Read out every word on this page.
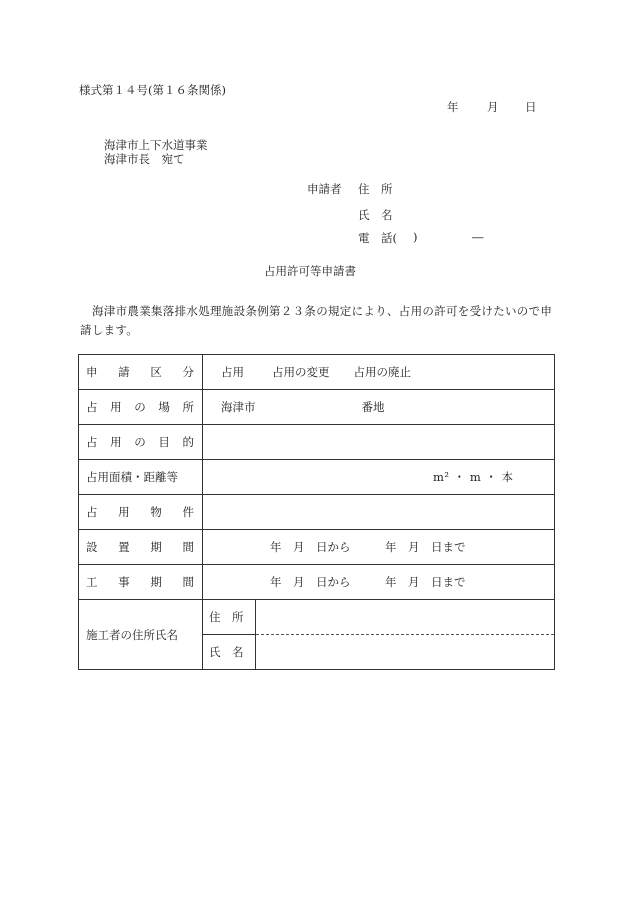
様式第１４号(第１６条関係)
年 月 日
海津市上下水道事業
海津市長　宛て
申請者 住　所
氏　名
電　話( )	―
占用許可等申請書
海津市農業集落排水処理施設条例第２３条の規定により、占用の許可を受けたいので申請します。
申 請 区 分	占用 占用の変更 占用の廃止	

占 用 の 場 所	海津市 番地	

占 用 の 目 的		

占用面積・距離等	m² ・ m ・ 本	

占 用 物 件		

設 置 期 間	年　月　日から　　　年　月　日まで	

工 事 期 間	年　月　日から　　　年　月　日まで	
施工者の住所氏名	住　所	
	氏　名	
